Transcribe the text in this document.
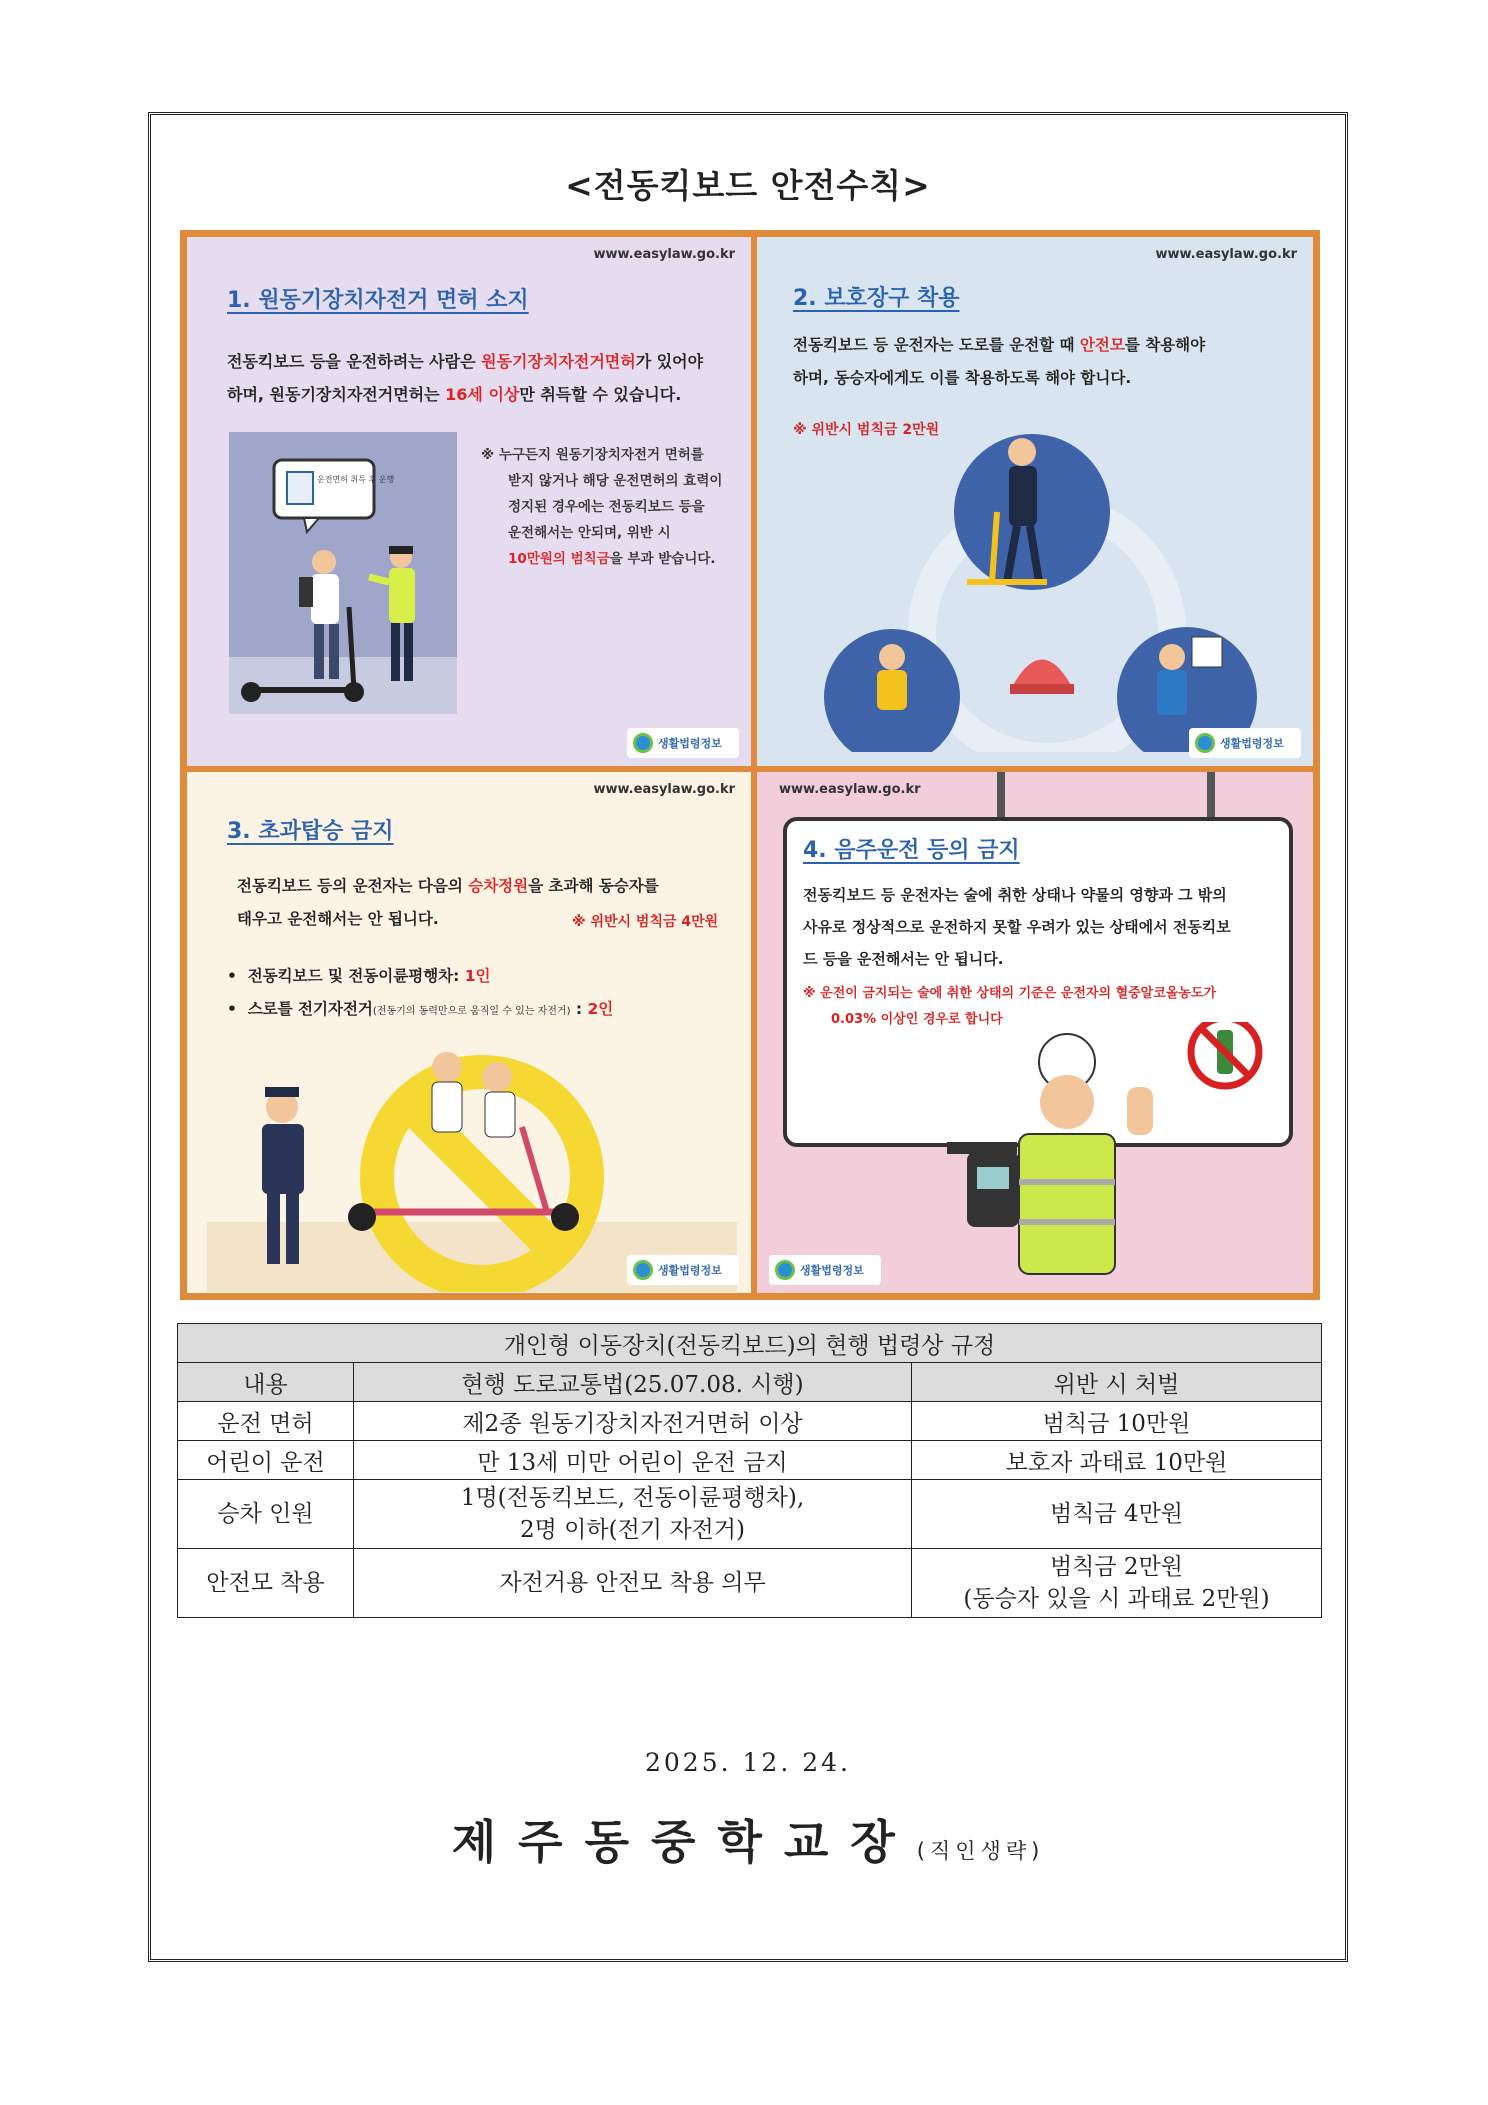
<전동킥보드 안전수칙>
www.easylaw.go.kr
1. 원동기장치자전거 면허 소지
전동킥보드 등을 운전하려는 사람은 원동기장치자전거면허가 있어야
하며, 원동기장치자전거면허는 16세 이상만 취득할 수 있습니다.
운전면허 취득 후 운행
※ 누구든지 원동기장치자전거 면허를
받지 않거나 해당 운전면허의 효력이
정지된 경우에는 전동킥보드 등을
운전해서는 안되며, 위반 시
10만원의 범칙금을 부과 받습니다.
생활법령정보
www.easylaw.go.kr
2. 보호장구 착용
전동킥보드 등 운전자는 도로를 운전할 때 안전모를 착용해야
하며, 동승자에게도 이를 착용하도록 해야 합니다.
※ 위반시 범칙금 2만원
생활법령정보
www.easylaw.go.kr
3. 초과탑승 금지
전동킥보드 등의 운전자는 다음의 승차정원을 초과해 동승자를
태우고 운전해서는 안 됩니다.	※ 위반시 범칙금 4만원
•  전동킥보드 및 전동이륜평행차: 1인
•  스로틀 전기자전거(전동기의 동력만으로 움직일 수 있는 자전거) : 2인
생활법령정보
www.easylaw.go.kr
4. 음주운전 등의 금지
전동킥보드 등 운전자는 술에 취한 상태나 약물의 영향과 그 밖의
사유로 정상적으로 운전하지 못할 우려가 있는 상태에서 전동킥보
드 등을 운전해서는 안 됩니다.
※ 운전이 금지되는 술에 취한 상태의 기준은 운전자의 혈중알코올농도가
0.03% 이상인 경우로 합니다
생활법령정보
개인형 이동장치(전동킥보드)의 현행 법령상 규정		
내용	현행 도로교통법(25.07.08. 시행)	위반 시 처벌
운전 면허	제2종 원동기장치자전거면허 이상	범칙금 10만원
어린이 운전	만 13세 미만 어린이 운전 금지	보호자 과태료 10만원
승차 인원	1명(전동킥보드, 전동이륜평행차),
2명 이하(전기 자전거)	범칙금 4만원
안전모 착용	자전거용 안전모 착용 의무	범칙금 2만원
(동승자 있을 시 과태료 2만원)
2025. 12. 24.
제주동중학교장(직인생략)
